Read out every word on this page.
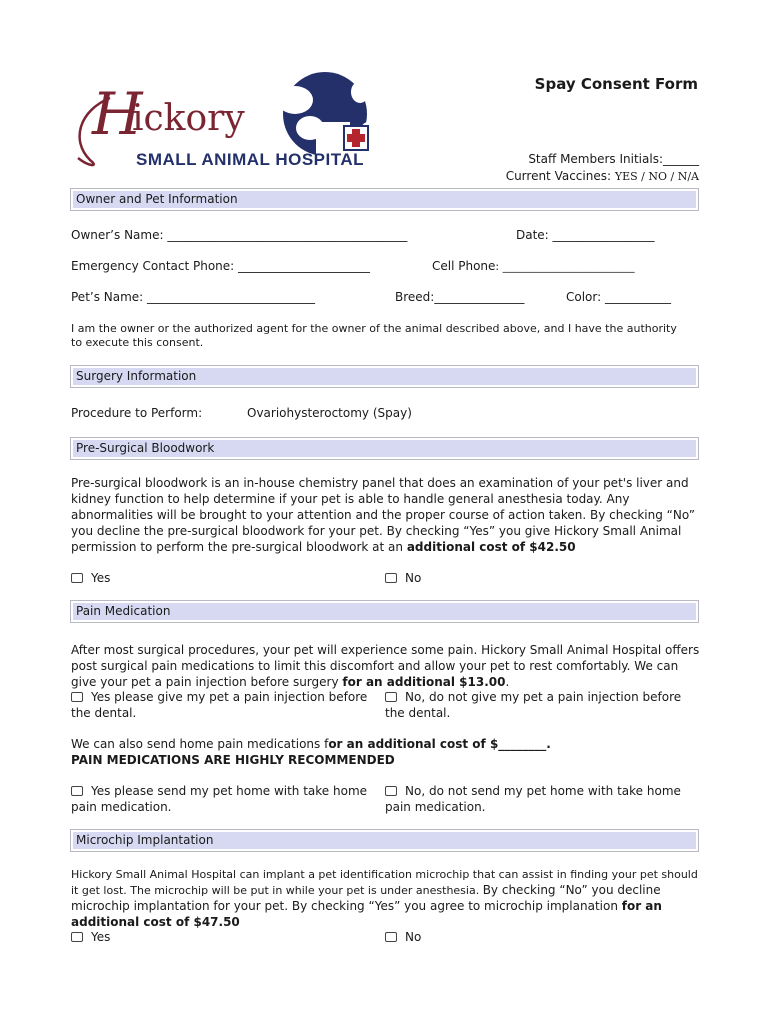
H
ickory
SMALL ANIMAL HOSPITAL
Spay Consent Form
Staff Members Initials:______
Current Vaccines: YES / NO / N/A
Owner and Pet Information
Owner’s Name: ________________________________________	Date: _________________
Emergency Contact Phone: ______________________	Cell Phone: ________________________
Pet’s Name: ____________________________	Breed:_______________	Color: ___________
I am the owner or the authorized agent for the owner of the animal described above, and I have the authority to execute this consent.
Surgery Information
Procedure to Perform:	Ovariohysteroctomy (Spay)
Pre-Surgical Bloodwork
Pre-surgical bloodwork is an in-house chemistry panel that does an examination of your pet's liver and kidney function to help determine if your pet is able to handle general anesthesia today. Any abnormalities will be brought to your attention and the proper course of action taken. By checking “No” you decline the pre-surgical bloodwork for your pet. By checking “Yes” you give Hickory Small Animal permission to perform the pre-surgical bloodwork at an additional cost of $42.50
Yes	No
Pain Medication
After most surgical procedures, your pet will experience some pain. Hickory Small Animal Hospital offers post surgical pain medications to limit this discomfort and allow your pet to rest comfortably. We can give your pet a pain injection before surgery for an additional $13.00.
Yes please give my pet a pain injection before the dental.
No, do not give my pet a pain injection before the dental.
We can also send home pain medications for an additional cost of $________.
PAIN MEDICATIONS ARE HIGHLY RECOMMENDED
Yes please send my pet home with take home pain medication.
No, do not send my pet home with take home pain medication.
Microchip Implantation
Hickory Small Animal Hospital can implant a pet identification microchip that can assist in finding your pet should it get lost. The microchip will be put in while your pet is under anesthesia. By checking “No” you decline microchip implantation for your pet. By checking “Yes” you agree to microchip implanation for an additional cost of $47.50
Yes	No
